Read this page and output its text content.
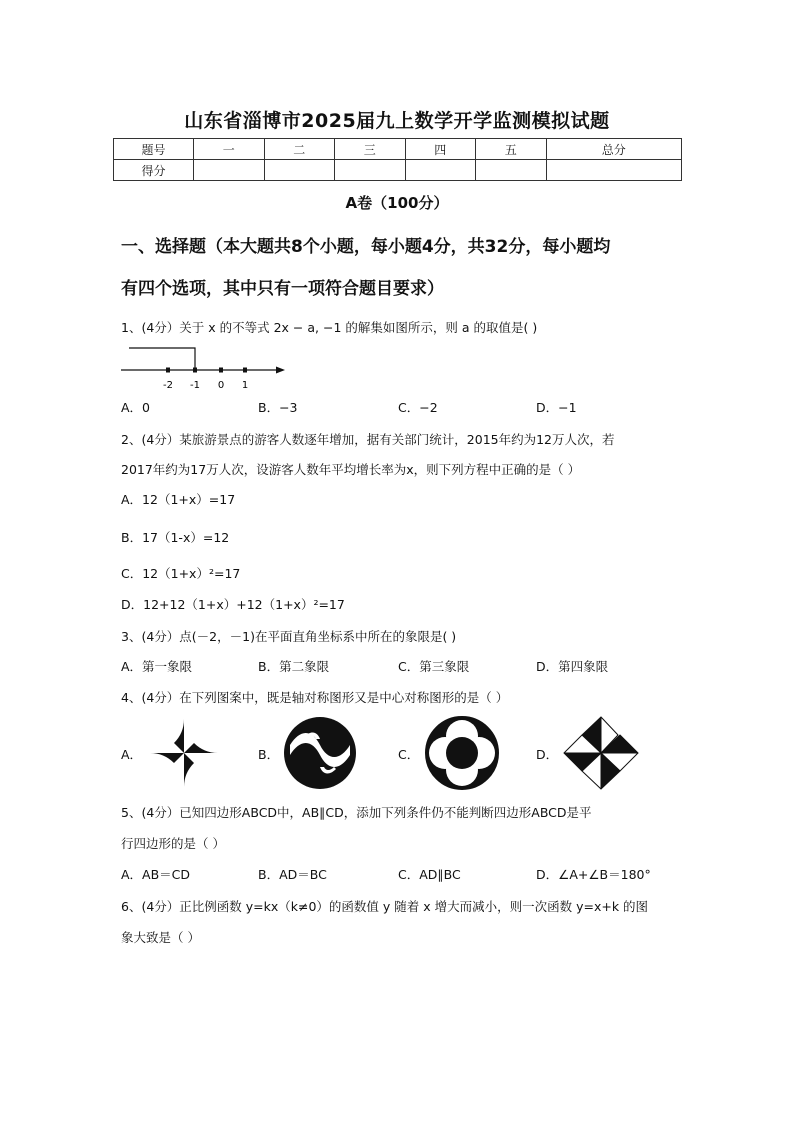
山东省淄博市2025届九上数学开学监测模拟试题
题号	一	二	三	四	五	总分
得分						
A卷（100分）
一、选择题（本大题共8个小题，每小题4分，共32分，每小题均
有四个选项，其中只有一项符合题目要求）
1、(4分）关于 x 的不等式 2x − a, −1 的解集如图所示，则 a 的取值是( )
-2 -1 0 1
A．0	B．−3	C．−2	D．−1
2、(4分）某旅游景点的游客人数逐年增加，据有关部门统计，2015年约为12万人次，若
2017年约为17万人次，设游客人数年平均增长率为x，则下列方程中正确的是（ ）
A．12（1+x）=17
B．17（1-x）=12
C．12（1+x）²=17
D．12+12（1+x）+12（1+x）²=17
3、(4分）点(－2，－1)在平面直角坐标系中所在的象限是( )
A．第一象限	B．第二象限	C．第三象限	D．第四象限
4、(4分）在下列图案中，既是轴对称图形又是中心对称图形的是（ ）
A．	B．	C．	D．
5、(4分）已知四边形ABCD中，AB∥CD，添加下列条件仍不能判断四边形ABCD是平
行四边形的是（ ）
A．AB＝CD	B．AD＝BC	C．AD∥BC	D．∠A+∠B＝180°
6、(4分）正比例函数 y=kx（k≠0）的函数值 y 随着 x 增大而减小，则一次函数 y=x+k 的图
象大致是（ ）
